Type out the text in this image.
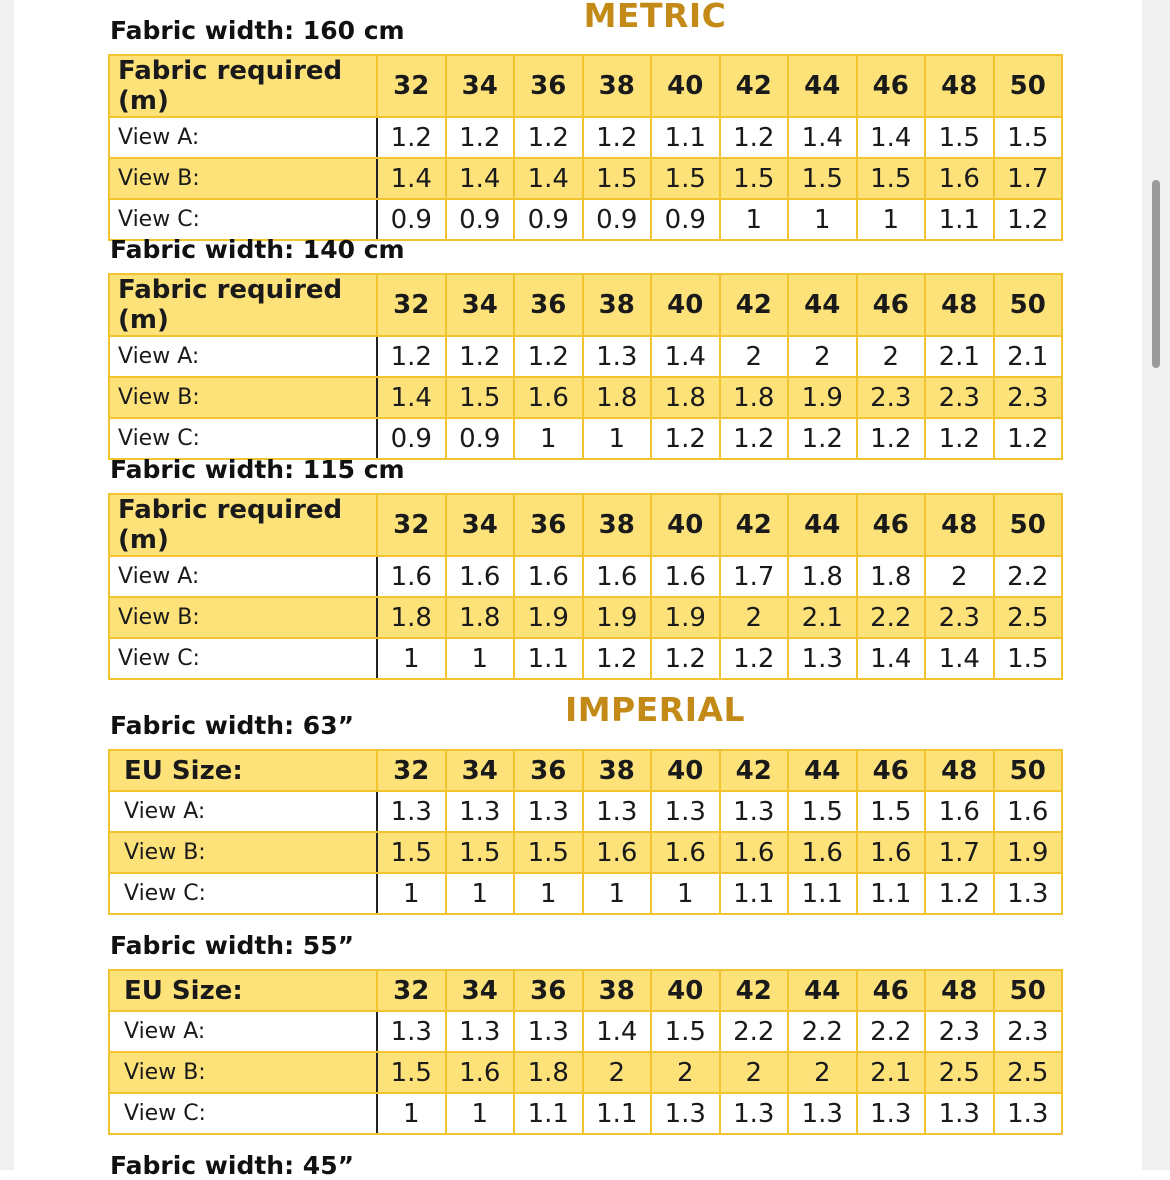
METRIC
Fabric width: 160 cm
Fabric required (m)	32	34	36	38	40	42	44	46	48	50
View A:	1.2	1.2	1.2	1.2	1.1	1.2	1.4	1.4	1.5	1.5
View B:	1.4	1.4	1.4	1.5	1.5	1.5	1.5	1.5	1.6	1.7
View C:	0.9	0.9	0.9	0.9	0.9	1	1	1	1.1	1.2
Fabric width: 140 cm
Fabric required (m)	32	34	36	38	40	42	44	46	48	50
View A:	1.2	1.2	1.2	1.3	1.4	2	2	2	2.1	2.1
View B:	1.4	1.5	1.6	1.8	1.8	1.8	1.9	2.3	2.3	2.3
View C:	0.9	0.9	1	1	1.2	1.2	1.2	1.2	1.2	1.2
Fabric width: 115 cm
Fabric required (m)	32	34	36	38	40	42	44	46	48	50
View A:	1.6	1.6	1.6	1.6	1.6	1.7	1.8	1.8	2	2.2
View B:	1.8	1.8	1.9	1.9	1.9	2	2.1	2.2	2.3	2.5
View C:	1	1	1.1	1.2	1.2	1.2	1.3	1.4	1.4	1.5
IMPERIAL
Fabric width: 63”
EU Size:	32	34	36	38	40	42	44	46	48	50
View A:	1.3	1.3	1.3	1.3	1.3	1.3	1.5	1.5	1.6	1.6
View B:	1.5	1.5	1.5	1.6	1.6	1.6	1.6	1.6	1.7	1.9
View C:	1	1	1	1	1	1.1	1.1	1.1	1.2	1.3
Fabric width: 55”
EU Size:	32	34	36	38	40	42	44	46	48	50
View A:	1.3	1.3	1.3	1.4	1.5	2.2	2.2	2.2	2.3	2.3
View B:	1.5	1.6	1.8	2	2	2	2	2.1	2.5	2.5
View C:	1	1	1.1	1.1	1.3	1.3	1.3	1.3	1.3	1.3
Fabric width: 45”
